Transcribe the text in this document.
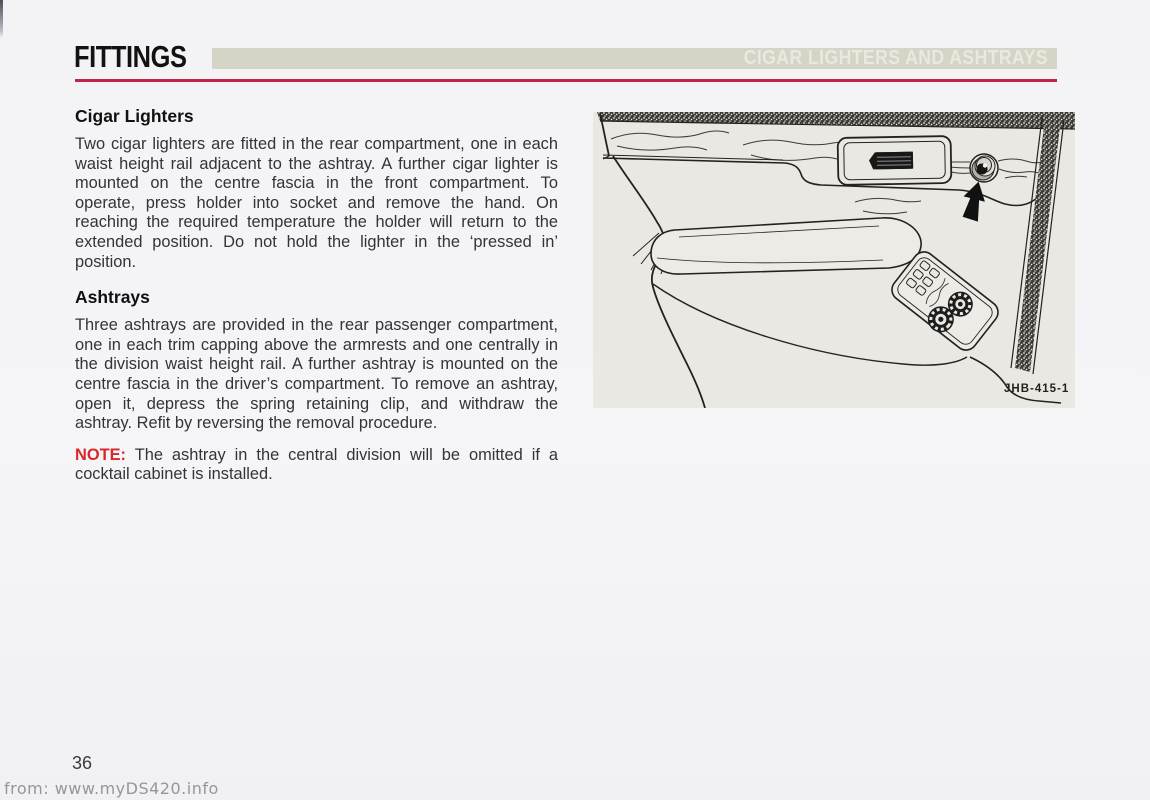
FITTINGS	CIGAR LIGHTERS AND ASHTRAYS
Cigar Lighters

Two cigar lighters are fitted in the rear compartment, one in each waist height rail adjacent to the ashtray. A further cigar lighter is mounted on the centre fascia in the front compartment. To operate, press holder into socket and remove the hand. On reaching the required temperature the holder will return to the extended position. Do not hold the lighter in the ‘pressed in’ position.

Ashtrays

Three ashtrays are provided in the rear passenger compartment, one in each trim capping above the armrests and one centrally in the division waist height rail. A further ashtray is mounted on the centre fascia in the driver’s compartment. To remove an ashtray, open it, depress the spring retaining clip, and withdraw the ashtray. Refit by reversing the removal procedure.

NOTE: The ashtray in the central division will be omitted if a cocktail cabinet is installed.

JHB-415-1
36
from: www.myDS420.info
